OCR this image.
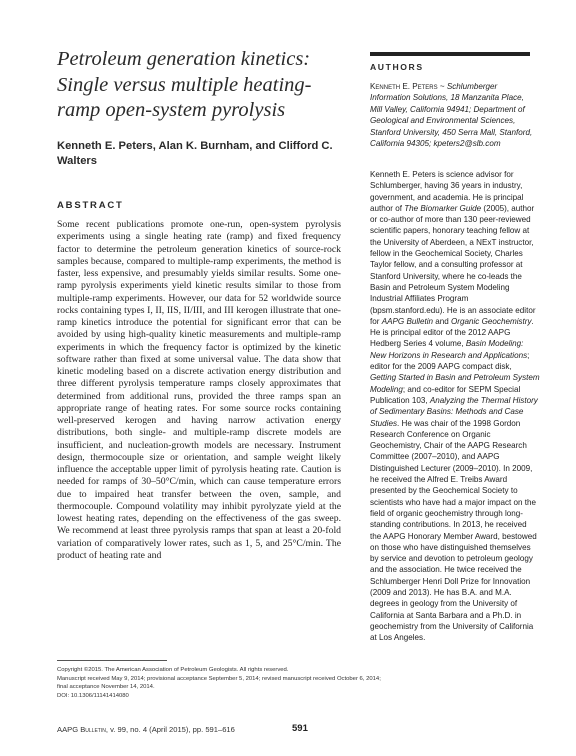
Petroleum generation kinetics: Single versus multiple heating-ramp open-system pyrolysis
Kenneth E. Peters, Alan K. Burnham, and Clifford C. Walters
ABSTRACT
Some recent publications promote one-run, open-system pyrolysis experiments using a single heating rate (ramp) and fixed frequency factor to determine the petroleum generation kinetics of source-rock samples because, compared to multiple-ramp experiments, the method is faster, less expensive, and presumably yields similar results. Some one-ramp pyrolysis experiments yield kinetic results similar to those from multiple-ramp experiments. However, our data for 52 worldwide source rocks containing types I, II, IIS, II/III, and III kerogen illustrate that one-ramp kinetics introduce the potential for significant error that can be avoided by using high-quality kinetic measurements and multiple-ramp experiments in which the frequency factor is optimized by the kinetic software rather than fixed at some universal value. The data show that kinetic modeling based on a discrete activation energy distribution and three different pyrolysis temperature ramps closely approximates that determined from additional runs, provided the three ramps span an appropriate range of heating rates. For some source rocks containing well-preserved kerogen and having narrow activation energy distributions, both single- and multiple-ramp discrete models are insufficient, and nucleation-growth models are necessary. Instrument design, thermocouple size or orientation, and sample weight likely influence the acceptable upper limit of pyrolysis heating rate. Caution is needed for ramps of 30–50°C/min, which can cause temperature errors due to impaired heat transfer between the oven, sample, and thermocouple. Compound volatility may inhibit pyrolyzate yield at the lowest heating rates, depending on the effectiveness of the gas sweep. We recommend at least three pyrolysis ramps that span at least a 20-fold variation of comparatively lower rates, such as 1, 5, and 25°C/min. The product of heating rate and
AUTHORS
Kenneth E. Peters ~ Schlumberger Information Solutions, 18 Manzanita Place, Mill Valley, California 94941; Department of Geological and Environmental Sciences, Stanford University, 450 Serra Mall, Stanford, California 94305; kpeters2@slb.com
Kenneth E. Peters is science advisor for Schlumberger, having 36 years in industry, government, and academia. He is principal author of The Biomarker Guide (2005), author or co-author of more than 130 peer-reviewed scientific papers, honorary teaching fellow at the University of Aberdeen, a NExT instructor, fellow in the Geochemical Society, Charles Taylor fellow, and a consulting professor at Stanford University, where he co-leads the Basin and Petroleum System Modeling Industrial Affiliates Program (bpsm.stanford.edu). He is an associate editor for AAPG Bulletin and Organic Geochemistry. He is principal editor of the 2012 AAPG Hedberg Series 4 volume, Basin Modeling: New Horizons in Research and Applications; editor for the 2009 AAPG compact disk, Getting Started in Basin and Petroleum System Modeling; and co-editor for SEPM Special Publication 103, Analyzing the Thermal History of Sedimentary Basins: Methods and Case Studies. He was chair of the 1998 Gordon Research Conference on Organic Geochemistry, Chair of the AAPG Research Committee (2007–2010), and AAPG Distinguished Lecturer (2009–2010). In 2009, he received the Alfred E. Treibs Award presented by the Geochemical Society to scientists who have had a major impact on the field of organic geochemistry through long-standing contributions. In 2013, he received the AAPG Honorary Member Award, bestowed on those who have distinguished themselves by service and devotion to petroleum geology and the association. He twice received the Schlumberger Henri Doll Prize for Innovation (2009 and 2013). He has B.A. and M.A. degrees in geology from the University of California at Santa Barbara and a Ph.D. in geochemistry from the University of California at Los Angeles.
Copyright ©2015. The American Association of Petroleum Geologists. All rights reserved.
Manuscript received May 9, 2014; provisional acceptance September 5, 2014; revised manuscript received October 6, 2014; final acceptance November 14, 2014.
DOI: 10.1306/11141414080
AAPG Bulletin, v. 99, no. 4 (April 2015), pp. 591–616	591
